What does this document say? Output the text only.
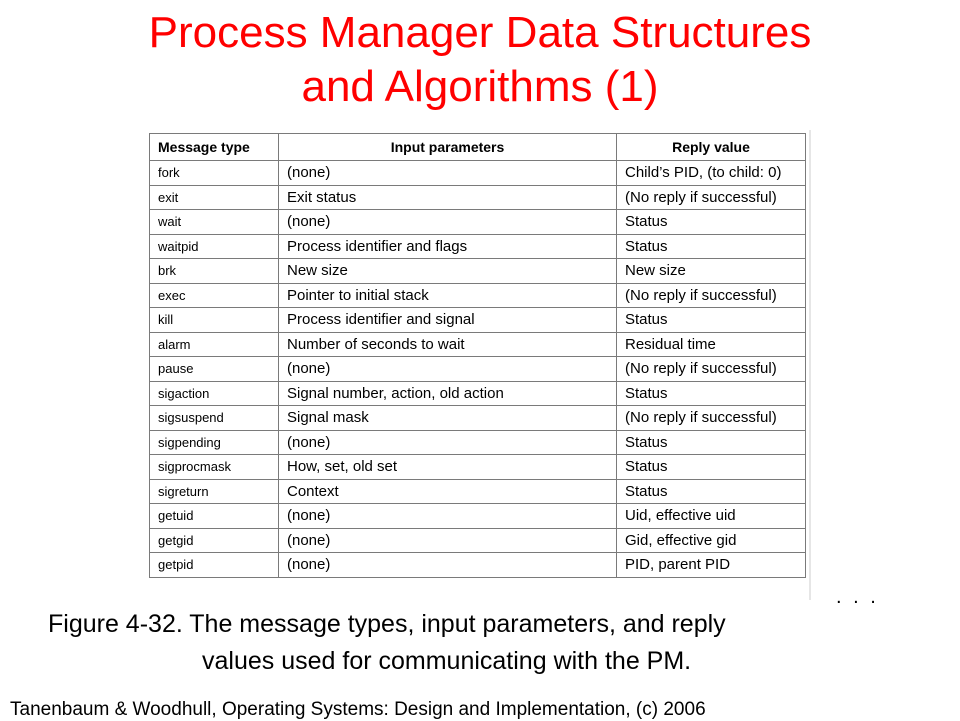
Process Manager Data Structures
and Algorithms (1)
Message type	Input parameters	Reply value
fork	(none)	Child’s PID, (to child: 0)
exit	Exit status	(No reply if successful)
wait	(none)	Status
waitpid	Process identifier and flags	Status
brk	New size	New size
exec	Pointer to initial stack	(No reply if successful)
kill	Process identifier and signal	Status
alarm	Number of seconds to wait	Residual time
pause	(none)	(No reply if successful)
sigaction	Signal number, action, old action	Status
sigsuspend	Signal mask	(No reply if successful)
sigpending	(none)	Status
sigprocmask	How, set, old set	Status
sigreturn	Context	Status
getuid	(none)	Uid, effective uid
getgid	(none)	Gid, effective gid
getpid	(none)	PID, parent PID
. . .
Figure 4-32. The message types, input parameters, and reply
values used for communicating with the PM.
Tanenbaum & Woodhull, Operating Systems: Design and Implementation, (c) 2006
